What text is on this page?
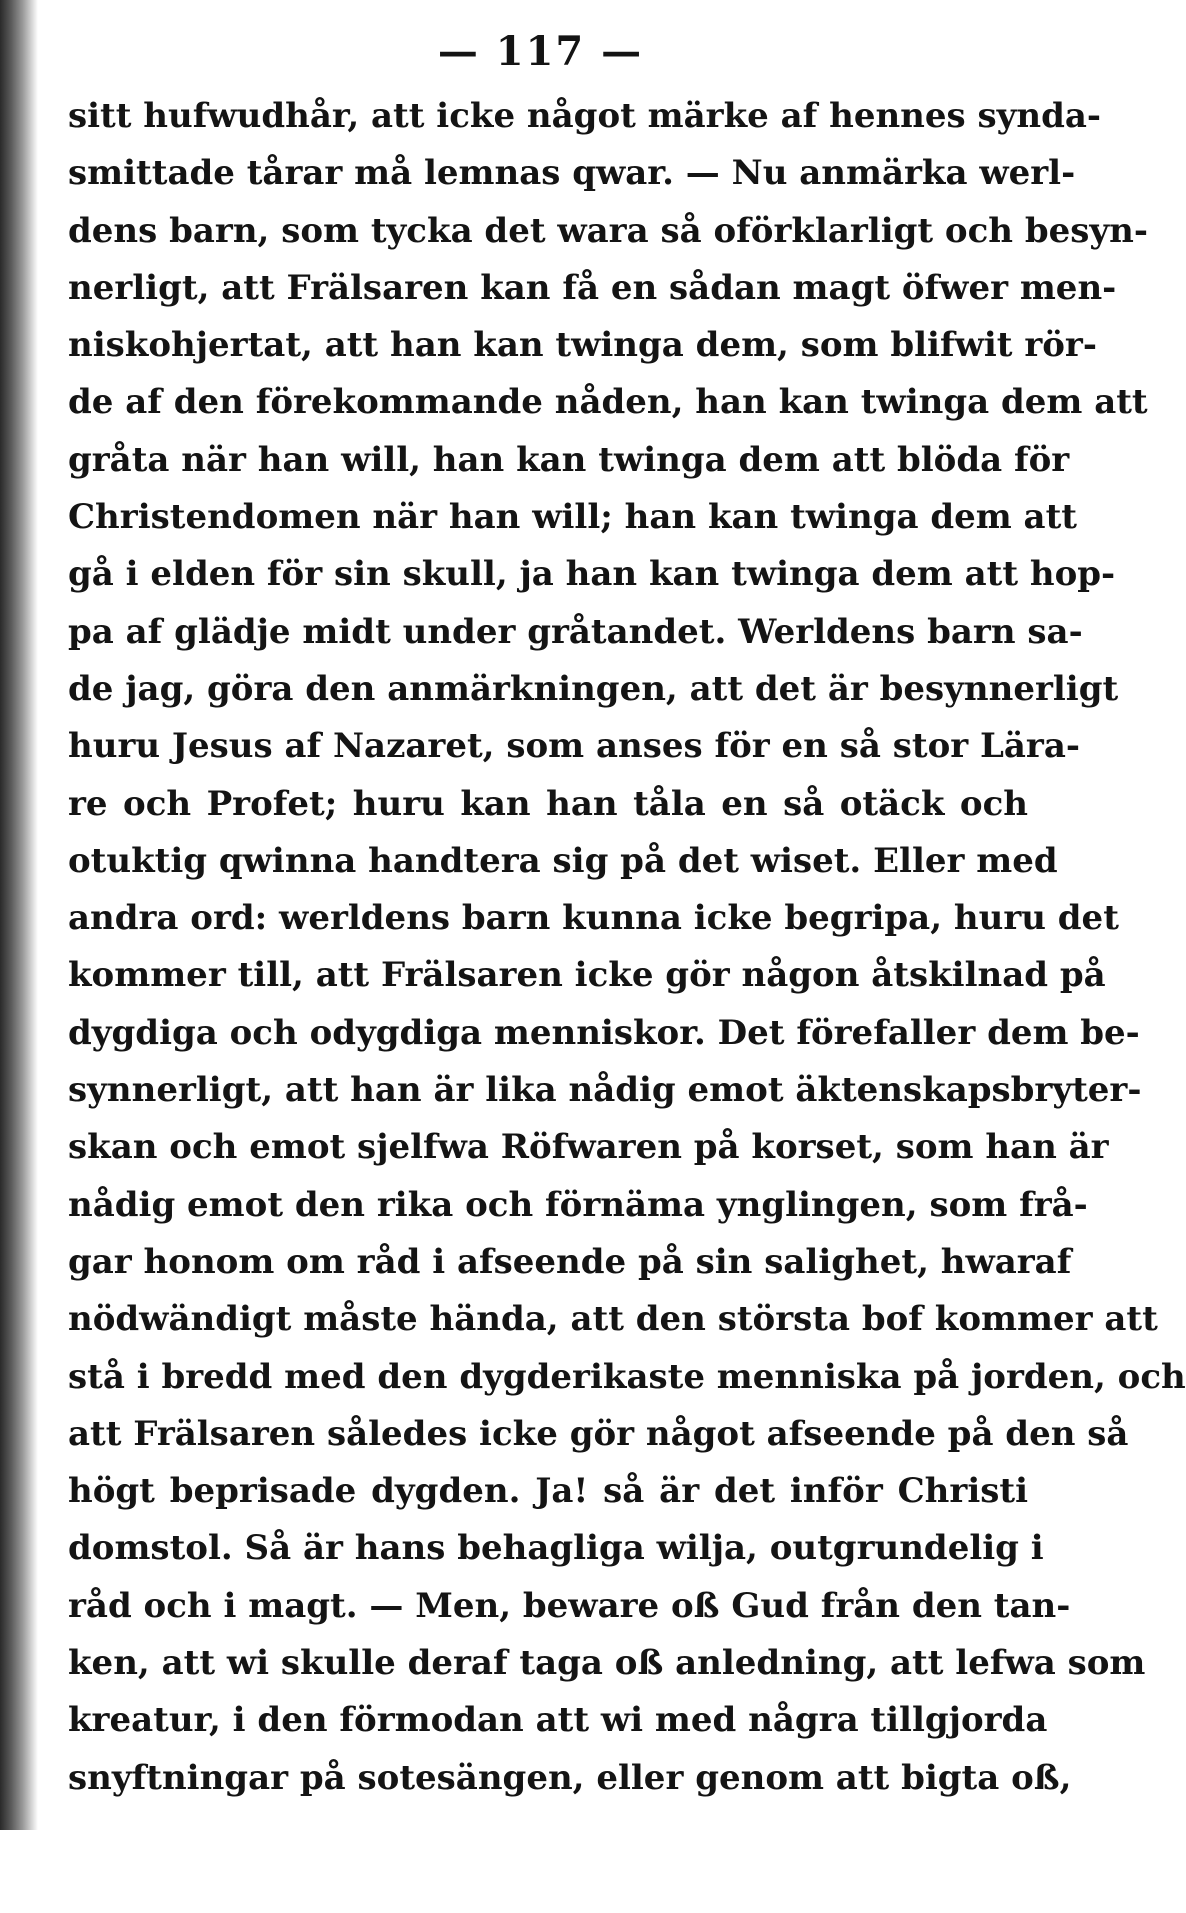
— 117 —
sitt hufwudhår, att icke något märke af hennes synda-
smittade tårar må lemnas qwar. — Nu anmärka werl-
dens barn, som tycka det wara så oförklarligt och besyn-
nerligt, att Frälsaren kan få en sådan magt öfwer men-
niskohjertat, att han kan twinga dem, som blifwit rör-
de af den förekommande nåden, han kan twinga dem att
gråta när han will, han kan twinga dem att blöda för
Christendomen när han will; han kan twinga dem att
gå i elden för sin skull, ja han kan twinga dem att hop-
pa af glädje midt under gråtandet. Werldens barn sa-
de jag, göra den anmärkningen, att det är besynnerligt
huru Jesus af Nazaret, som anses för en så stor Lära-
re och Profet; huru kan han tåla en så otäck och
otuktig qwinna handtera sig på det wiset. Eller med
andra ord: werldens barn kunna icke begripa, huru det
kommer till, att Frälsaren icke gör någon åtskilnad på
dygdiga och odygdiga menniskor. Det förefaller dem be-
synnerligt, att han är lika nådig emot äktenskapsbryter-
skan och emot sjelfwa Röfwaren på korset, som han är
nådig emot den rika och förnäma ynglingen, som frå-
gar honom om råd i afseende på sin salighet, hwaraf
nödwändigt måste hända, att den största bof kommer att
stå i bredd med den dygderikaste menniska på jorden, och
att Frälsaren således icke gör något afseende på den så
högt beprisade dygden. Ja! så är det inför Christi
domstol. Så är hans behagliga wilja, outgrundelig i
råd och i magt. — Men, beware oß Gud från den tan-
ken, att wi skulle deraf taga oß anledning, att lefwa som
kreatur, i den förmodan att wi med några tillgjorda
snyftningar på sotesängen, eller genom att bigta oß,
